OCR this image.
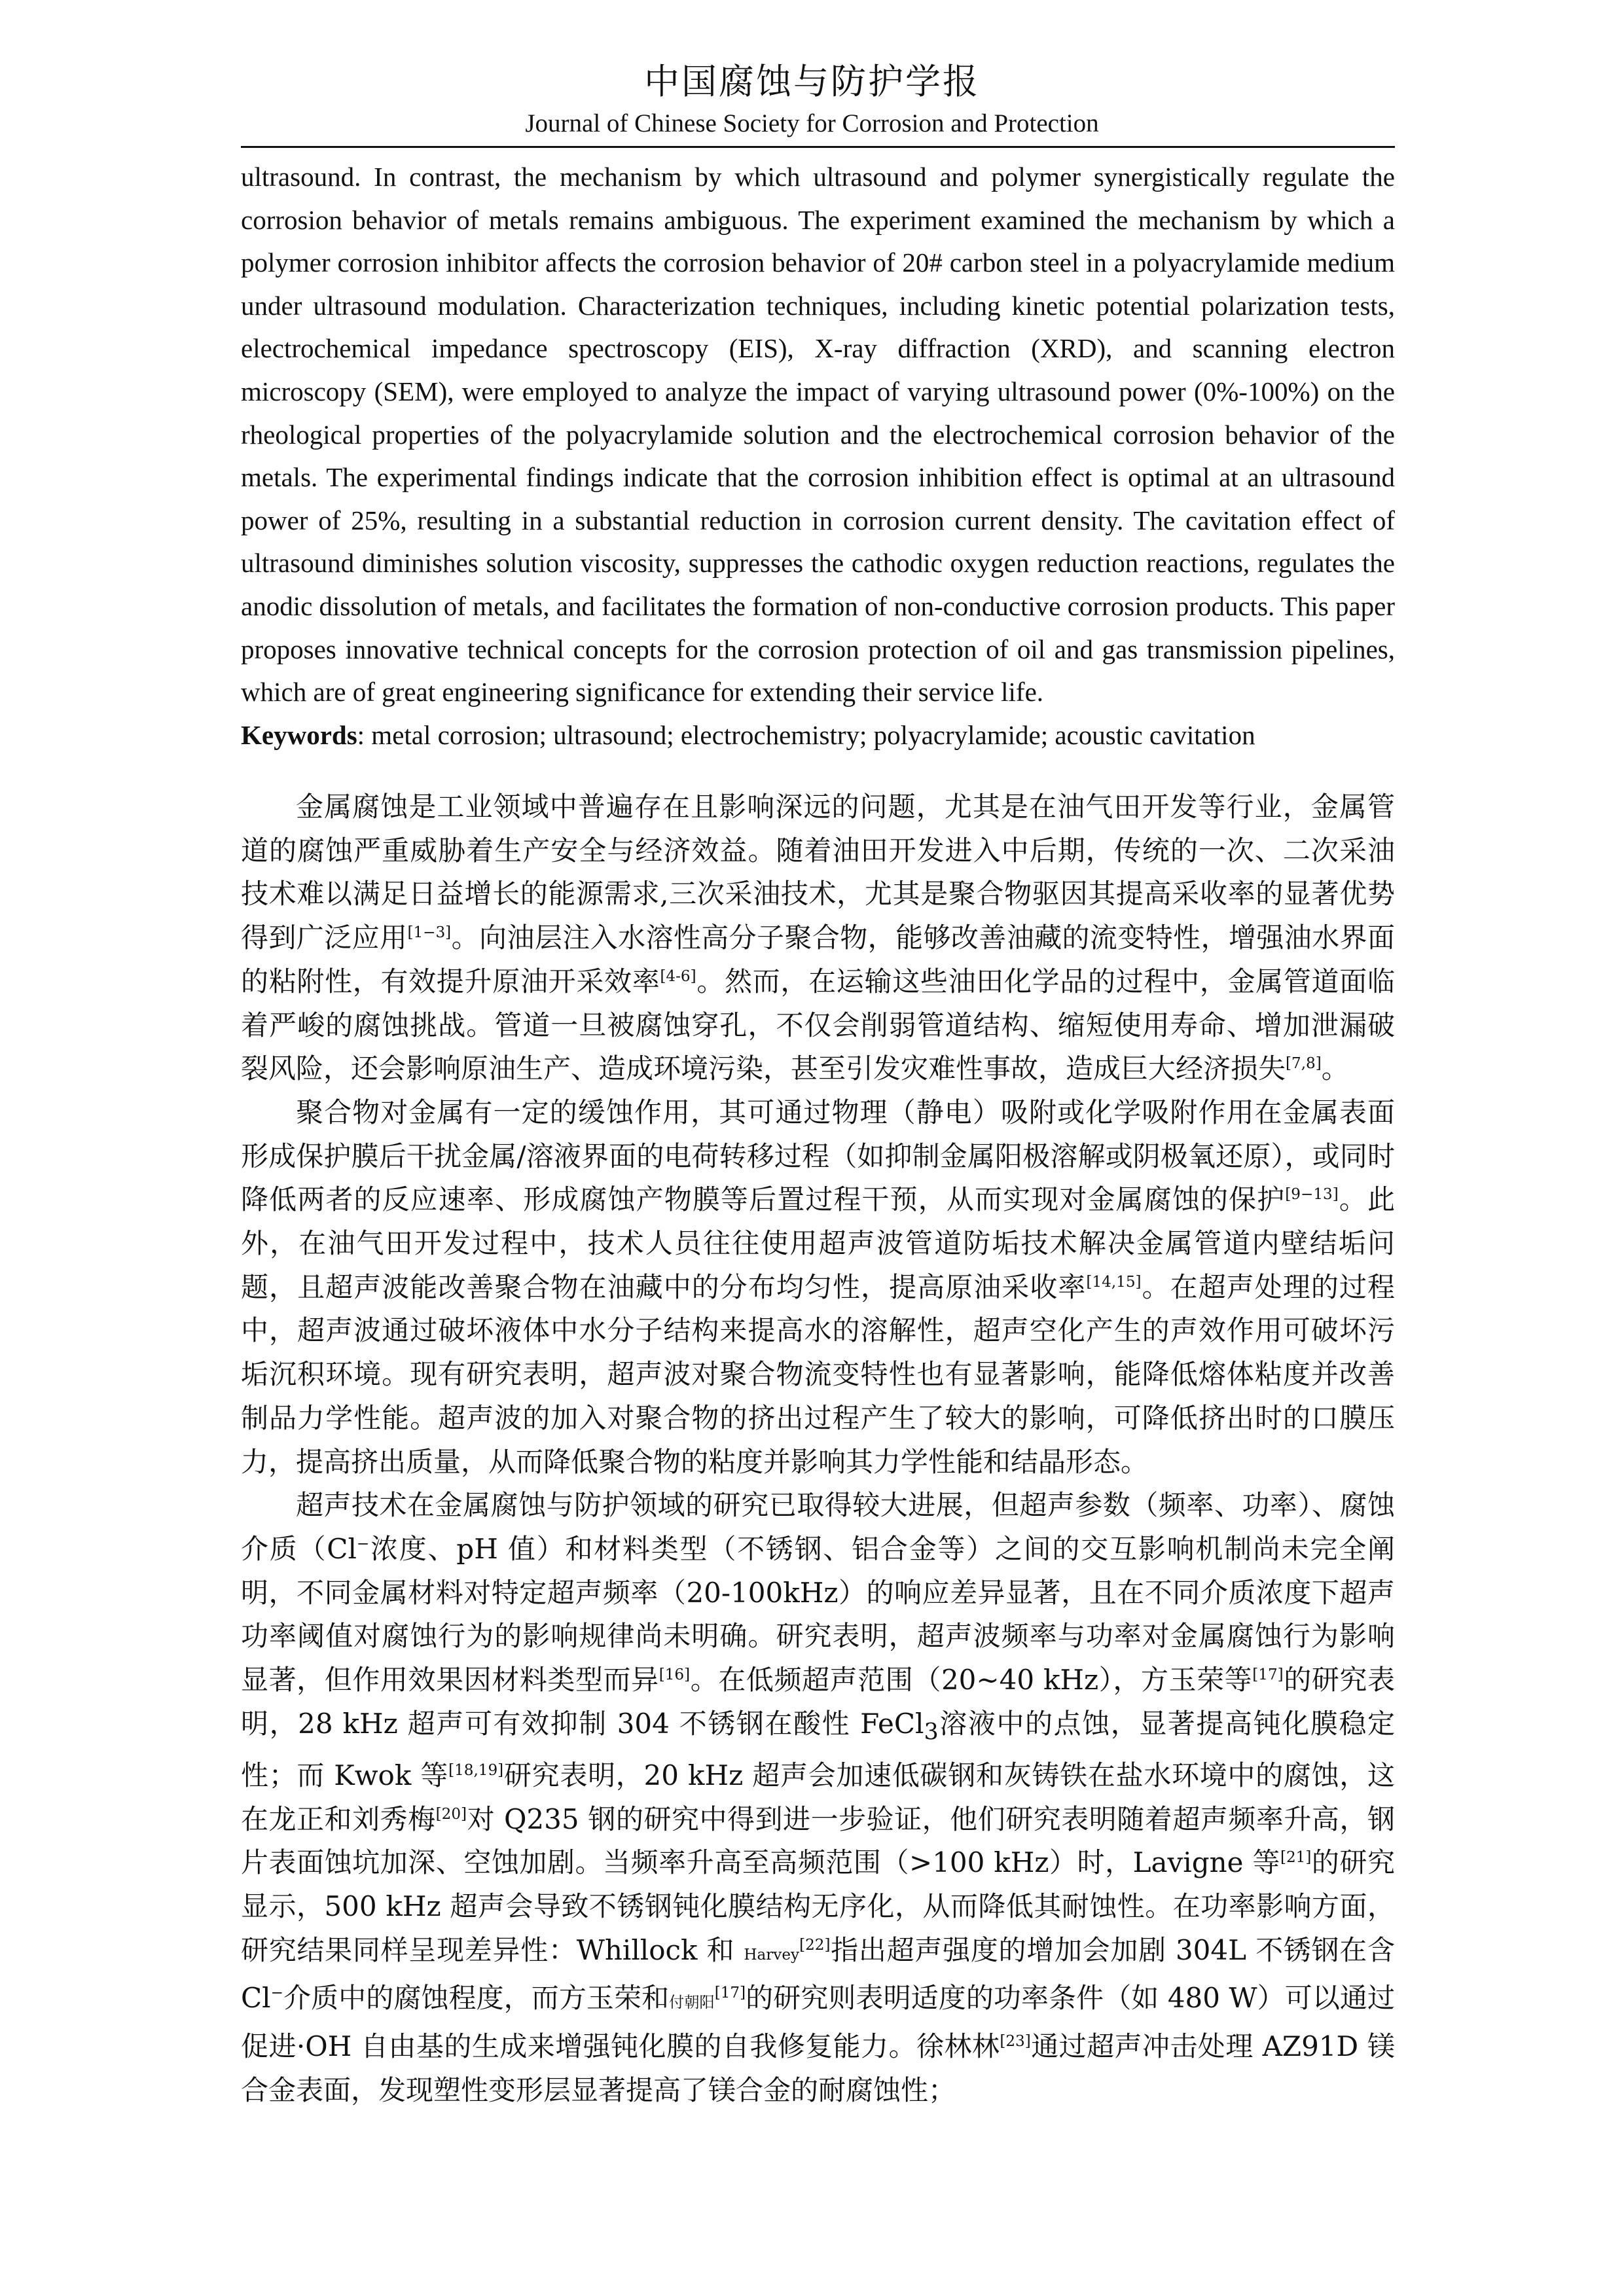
中国腐蚀与防护学报
Journal of Chinese Society for Corrosion and Protection

ultrasound. In contrast, the mechanism by which ultrasound and polymer synergistically regulate the corrosion behavior of metals remains ambiguous. The experiment examined the mechanism by which a polymer corrosion inhibitor affects the corrosion behavior of 20# carbon steel in a polyacrylamide medium under ultrasound modulation. Characterization techniques, including kinetic potential polarization tests, electrochemical impedance spectroscopy (EIS), X-ray diffraction (XRD), and scanning electron microscopy (SEM), were employed to analyze the impact of varying ultrasound power (0%-100%) on the rheological properties of the polyacrylamide solution and the electrochemical corrosion behavior of the metals. The experimental findings indicate that the corrosion inhibition effect is optimal at an ultrasound power of 25%, resulting in a substantial reduction in corrosion current density. The cavitation effect of ultrasound diminishes solution viscosity, suppresses the cathodic oxygen reduction reactions, regulates the anodic dissolution of metals, and facilitates the formation of non-conductive corrosion products. This paper proposes innovative technical concepts for the corrosion protection of oil and gas transmission pipelines, which are of great engineering significance for extending their service life.

Keywords: metal corrosion; ultrasound; electrochemistry; polyacrylamide; acoustic cavitation

金属腐蚀是工业领域中普遍存在且影响深远的问题，尤其是在油气田开发等行业，金属管道的腐蚀严重威胁着生产安全与经济效益。随着油田开发进入中后期，传统的一次、二次采油技术难以满足日益增长的能源需求,三次采油技术，尤其是聚合物驱因其提高采收率的显著优势得到广泛应用[1−3]。向油层注入水溶性高分子聚合物，能够改善油藏的流变特性，增强油水界面的粘附性，有效提升原油开采效率[4-6]。然而，在运输这些油田化学品的过程中，金属管道面临着严峻的腐蚀挑战。管道一旦被腐蚀穿孔，不仅会削弱管道结构、缩短使用寿命、增加泄漏破裂风险，还会影响原油生产、造成环境污染，甚至引发灾难性事故，造成巨大经济损失[7,8]。

聚合物对金属有一定的缓蚀作用，其可通过物理（静电）吸附或化学吸附作用在金属表面形成保护膜后干扰金属/溶液界面的电荷转移过程（如抑制金属阳极溶解或阴极氧还原），或同时降低两者的反应速率、形成腐蚀产物膜等后置过程干预，从而实现对金属腐蚀的保护[9−13]。此外，在油气田开发过程中，技术人员往往使用超声波管道防垢技术解决金属管道内壁结垢问题，且超声波能改善聚合物在油藏中的分布均匀性，提高原油采收率[14,15]。在超声处理的过程中，超声波通过破坏液体中水分子结构来提高水的溶解性，超声空化产生的声效作用可破坏污垢沉积环境。现有研究表明，超声波对聚合物流变特性也有显著影响，能降低熔体粘度并改善制品力学性能。超声波的加入对聚合物的挤出过程产生了较大的影响，可降低挤出时的口膜压力，提高挤出质量，从而降低聚合物的粘度并影响其力学性能和结晶形态。

超声技术在金属腐蚀与防护领域的研究已取得较大进展，但超声参数（频率、功率）、腐蚀介质（Cl−浓度、pH 值）和材料类型（不锈钢、铝合金等）之间的交互影响机制尚未完全阐明，不同金属材料对特定超声频率（20-100kHz）的响应差异显著，且在不同介质浓度下超声功率阈值对腐蚀行为的影响规律尚未明确。研究表明，超声波频率与功率对金属腐蚀行为影响显著，但作用效果因材料类型而异[16]。在低频超声范围（20~40 kHz），方玉荣等[17]的研究表明，28 kHz 超声可有效抑制 304 不锈钢在酸性 FeCl$_3$溶液中的点蚀，显著提高钝化膜稳定性；而 Kwok 等[18,19]研究表明，20 kHz 超声会加速低碳钢和灰铸铁在盐水环境中的腐蚀，这在龙正和刘秀梅[20]对 Q235 钢的研究中得到进一步验证，他们研究表明随着超声频率升高，钢片表面蚀坑加深、空蚀加剧。当频率升高至高频范围（>100 kHz）时，Lavigne 等[21]的研究显示，500 kHz 超声会导致不锈钢钝化膜结构无序化，从而降低其耐蚀性。在功率影响方面，研究结果同样呈现差异性：Whillock 和 Harvey[22]指出超声强度的增加会加剧 304L 不锈钢在含 Cl−介质中的腐蚀程度，而方玉荣和付朝阳[17]的研究则表明适度的功率条件（如 480 W）可以通过促进·OH 自由基的生成来增强钝化膜的自我修复能力。徐林林[23]通过超声冲击处理 AZ91D 镁合金表面，发现塑性变形层显著提高了镁合金的耐腐蚀性；
